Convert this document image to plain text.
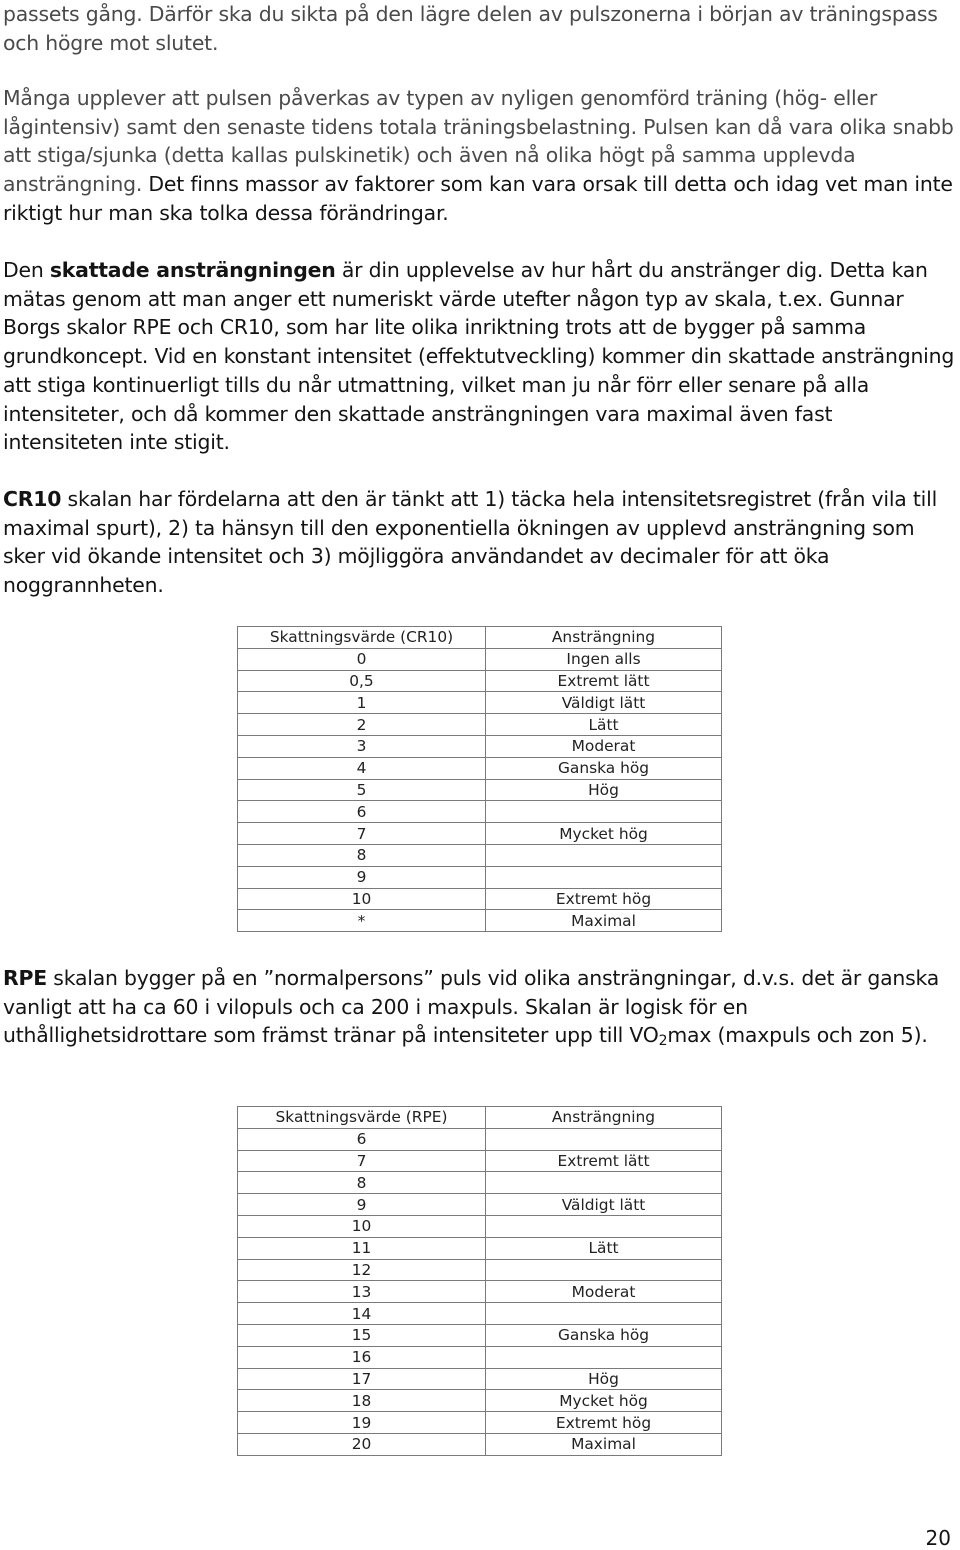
passets gång. Därför ska du sikta på den lägre delen av pulszonerna i början av träningspass och högre mot slutet.

Många upplever att pulsen påverkas av typen av nyligen genomförd träning (hög- eller lågintensiv) samt den senaste tidens totala träningsbelastning. Pulsen kan då vara olika snabb att stiga/sjunka (detta kallas pulskinetik) och även nå olika högt på samma upplevda ansträngning. Det finns massor av faktorer som kan vara orsak till detta och idag vet man inte riktigt hur man ska tolka dessa förändringar.

Den skattade ansträngningen är din upplevelse av hur hårt du anstränger dig. Detta kan mätas genom att man anger ett numeriskt värde utefter någon typ av skala, t.ex. Gunnar Borgs skalor RPE och CR10, som har lite olika inriktning trots att de bygger på samma grundkoncept. Vid en konstant intensitet (effektutveckling) kommer din skattade ansträngning att stiga kontinuerligt tills du når utmattning, vilket man ju når förr eller senare på alla intensiteter, och då kommer den skattade ansträngningen vara maximal även fast intensiteten inte stigit.

CR10 skalan har fördelarna att den är tänkt att 1) täcka hela intensitetsregistret (från vila till maximal spurt), 2) ta hänsyn till den exponentiella ökningen av upplevd ansträngning som sker vid ökande intensitet och 3) möjliggöra användandet av decimaler för att öka noggrannheten.

RPE skalan bygger på en ”normalpersons” puls vid olika ansträngningar, d.v.s. det är ganska vanligt att ha ca 60 i vilopuls och ca 200 i maxpuls. Skalan är logisk för en uthållighetsidrottare som främst tränar på intensiteter upp till $VO_2\max$ (maxpuls och zon 5).

20
Skattningsvärde (CR10)	Ansträngning
0	Ingen alls
0,5	Extremt lätt
1	Väldigt lätt
2	Lätt
3	Moderat
4	Ganska hög
5	Hög
6	
7	Mycket hög
8	
9	
10	Extremt hög
*	Maximal
Skattningsvärde (RPE)	Ansträngning
6	
7	Extremt lätt
8	
9	Väldigt lätt
10	
11	Lätt
12	
13	Moderat
14	
15	Ganska hög
16	
17	Hög
18	Mycket hög
19	Extremt hög
20	Maximal
